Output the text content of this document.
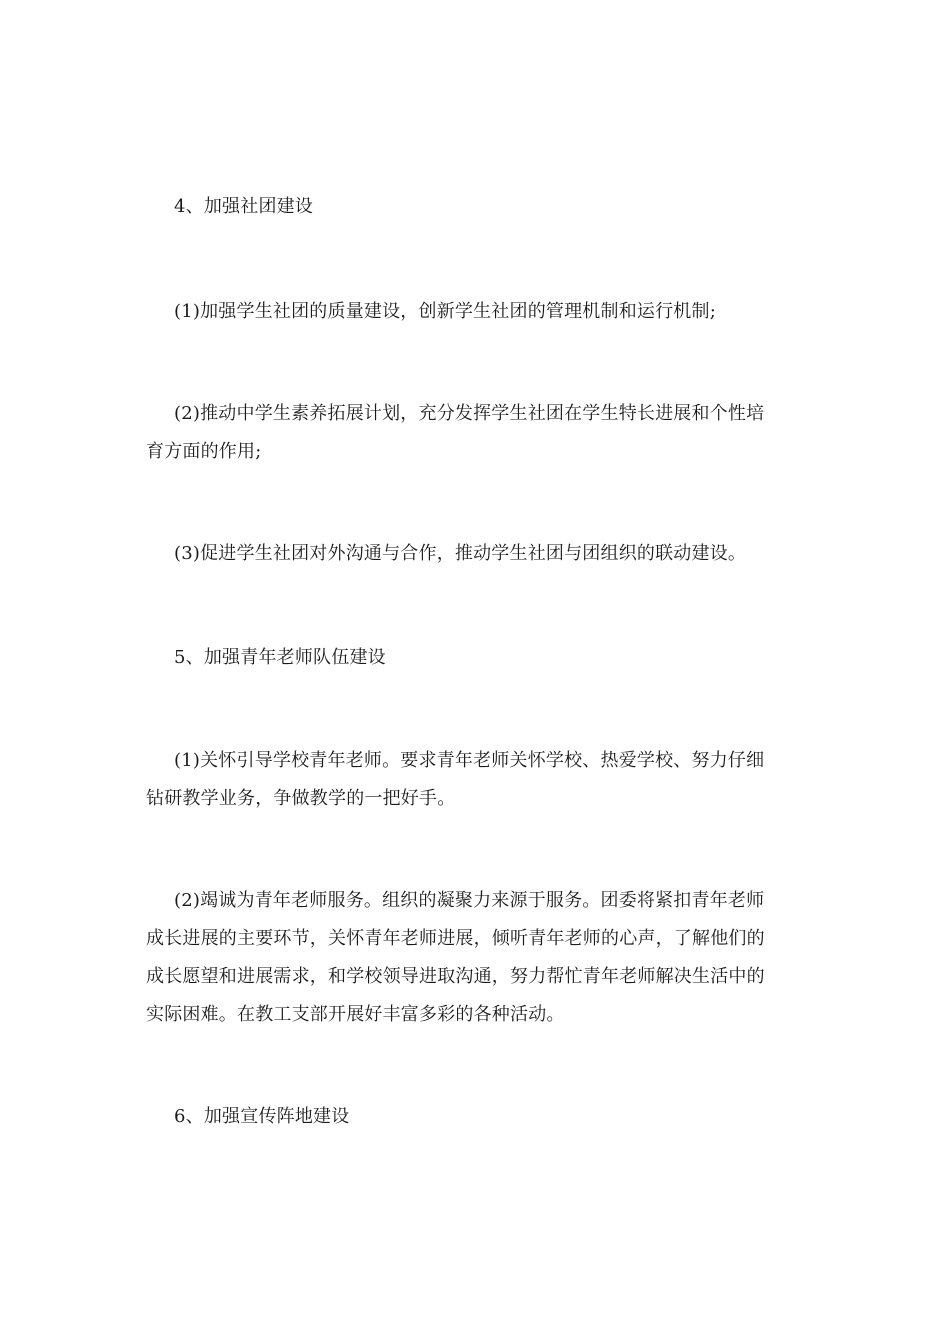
4、加强社团建设
(1)加强学生社团的质量建设，创新学生社团的管理机制和运行机制;
(2)推动中学生素养拓展计划，充分发挥学生社团在学生特长进展和个性培
育方面的作用;
(3)促进学生社团对外沟通与合作，推动学生社团与团组织的联动建设。
5、加强青年老师队伍建设
(1)关怀引导学校青年老师。要求青年老师关怀学校、热爱学校、努力仔细
钻研教学业务，争做教学的一把好手。
(2)竭诚为青年老师服务。组织的凝聚力来源于服务。团委将紧扣青年老师
成长进展的主要环节，关怀青年老师进展，倾听青年老师的心声，了解他们的
成长愿望和进展需求，和学校领导进取沟通，努力帮忙青年老师解决生活中的
实际困难。在教工支部开展好丰富多彩的各种活动。
6、加强宣传阵地建设
